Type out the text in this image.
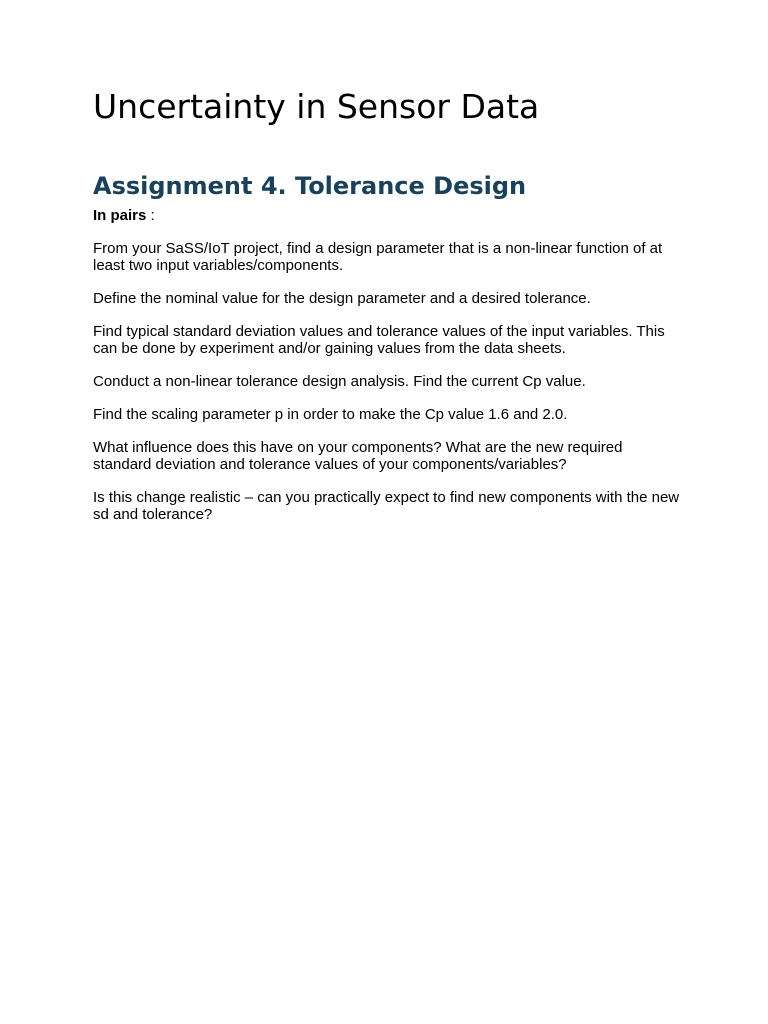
Uncertainty in Sensor Data
Assignment 4. Tolerance Design

In pairs :

From your SaSS/IoT project, find a design parameter that is a non-linear function of at least two input variables/components.

Define the nominal value for the design parameter and a desired tolerance.

Find typical standard deviation values and tolerance values of the input variables. This can be done by experiment and/or gaining values from the data sheets.

Conduct a non-linear tolerance design analysis. Find the current Cp value.

Find the scaling parameter p in order to make the Cp value 1.6 and 2.0.

What influence does this have on your components? What are the new required standard deviation and tolerance values of your components/variables?

Is this change realistic – can you practically expect to find new components with the new sd and tolerance?
